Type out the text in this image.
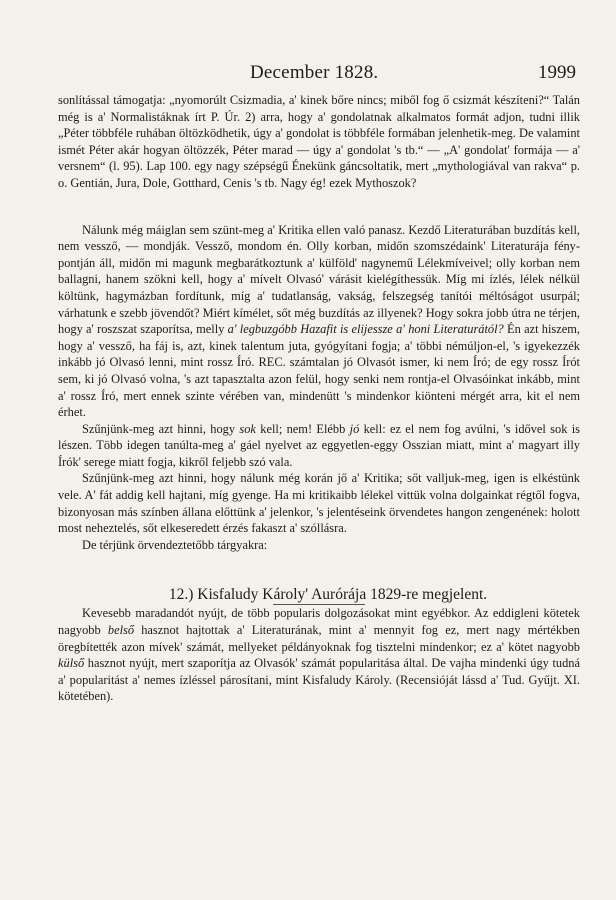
December 1828.	1999

sonlítással támogatja: „nyomorúlt Csizmadia, a' kinek bőre nincs; miből fog ő csizmát készíteni?“ Talán még is a' Normalistáknak írt P. Úr. 2) arra, hogy a' gondolatnak alkalmatos formát adjon, tudni illik „Péter többféle ruhában öltözködhetik, úgy a' gondolat is többféle formában jelenhetik-meg. De valamint ismét Péter akár hogyan öltözzék, Péter marad — úgy a' gondolat 's tb.“ — „A' gondolat' formája — a' versnem“ (l. 95). Lap 100. egy nagy szépségű Énekünk gáncsoltatik, mert „mythologiával van rakva“ p. o. Gentián, Jura, Dole, Gotthard, Cenis 's tb. Nagy ég! ezek Mythoszok?

Nálunk még máiglan sem szünt-meg a' Kritika ellen való panasz. Kezdő Literaturában buzdítás kell, nem vessző, — mondják. Vessző, mondom én. Olly korban, midőn szomszédaink' Literaturája fény-pontján áll, midőn mi magunk megbarátkoztunk a' külföld' nagynemű Lélekmíveivel; olly korban nem ballagni, hanem szökni kell, hogy a' mívelt Olvasó' várásit kielégíthessük. Míg mi ízlés, lélek nélkül költünk, hagymázban fordítunk, míg a' tudatlanság, vakság, felszegség tanítói méltóságot usurpál; várhatunk e szebb jövendőt? Miért kímélet, sőt még buzdítás az illyenek? Hogy sokra jobb útra ne térjen, hogy a' roszszat szaporítsa, melly a' legbuzgóbb Hazafit is elijessze a' honi Literaturától? Én azt hiszem, hogy a' vessző, ha fáj is, azt, kinek talentum juta, gyógyítani fogja; a' többi némúljon-el, 's igyekezzék inkább jó Olvasó lenni, mint rossz Író. REC. számtalan jó Olvasót ismer, ki nem Író; de egy rossz Írót sem, ki jó Olvasó volna, 's azt tapasztalta azon felül, hogy senki nem rontja-el Olvasóinkat inkább, mint a' rossz Író, mert ennek szinte vérében van, mindenütt 's mindenkor kiönteni mérgét arra, kit el nem érhet.

Szűnjünk-meg azt hinni, hogy sok kell; nem! Elébb jó kell: ez el nem fog avúlni, 's idővel sok is lészen. Több idegen tanúlta-meg a' gáel nyelvet az eggyetlen-eggy Osszian miatt, mint a' magyart illy Írók' serege miatt fogja, kikről feljebb szó vala.

Szűnjünk-meg azt hinni, hogy nálunk még korán jő a' Kritika; sőt valljuk-meg, igen is elkéstünk vele. A' fát addig kell hajtani, míg gyenge. Ha mi kritikaibb lélekel vittük volna dolgainkat régtől fogva, bizonyosan más színben állana előttünk a' jelenkor, 's jelentéseink örvendetes hangon zengenének: holott most neheztelés, sőt elkeseredett érzés fakaszt a' szóllásra.

De térjünk örvendeztetőbb tárgyakra:

12.) Kisfaludy Károly' Aurórája 1829-re megjelent.

Kevesebb maradandót nyújt, de több popularis dolgozásokat mint egyébkor. Az eddigleni kötetek nagyobb belső hasznot hajtottak a' Literaturának, mint a' mennyit fog ez, mert nagy mértékben öregbítették azon mívek' számát, mellyeket példányoknak fog tisztelni mindenkor; ez a' kötet nagyobb külső hasznot nyújt, mert szaporítja az Olvasók' számát popularitása által. De vajha mindenki úgy tudná a' popularitást a' nemes ízléssel párosítani, mint Kisfaludy Károly. (Recensióját lássd a' Tud. Gyűjt. XI. kötetében).
